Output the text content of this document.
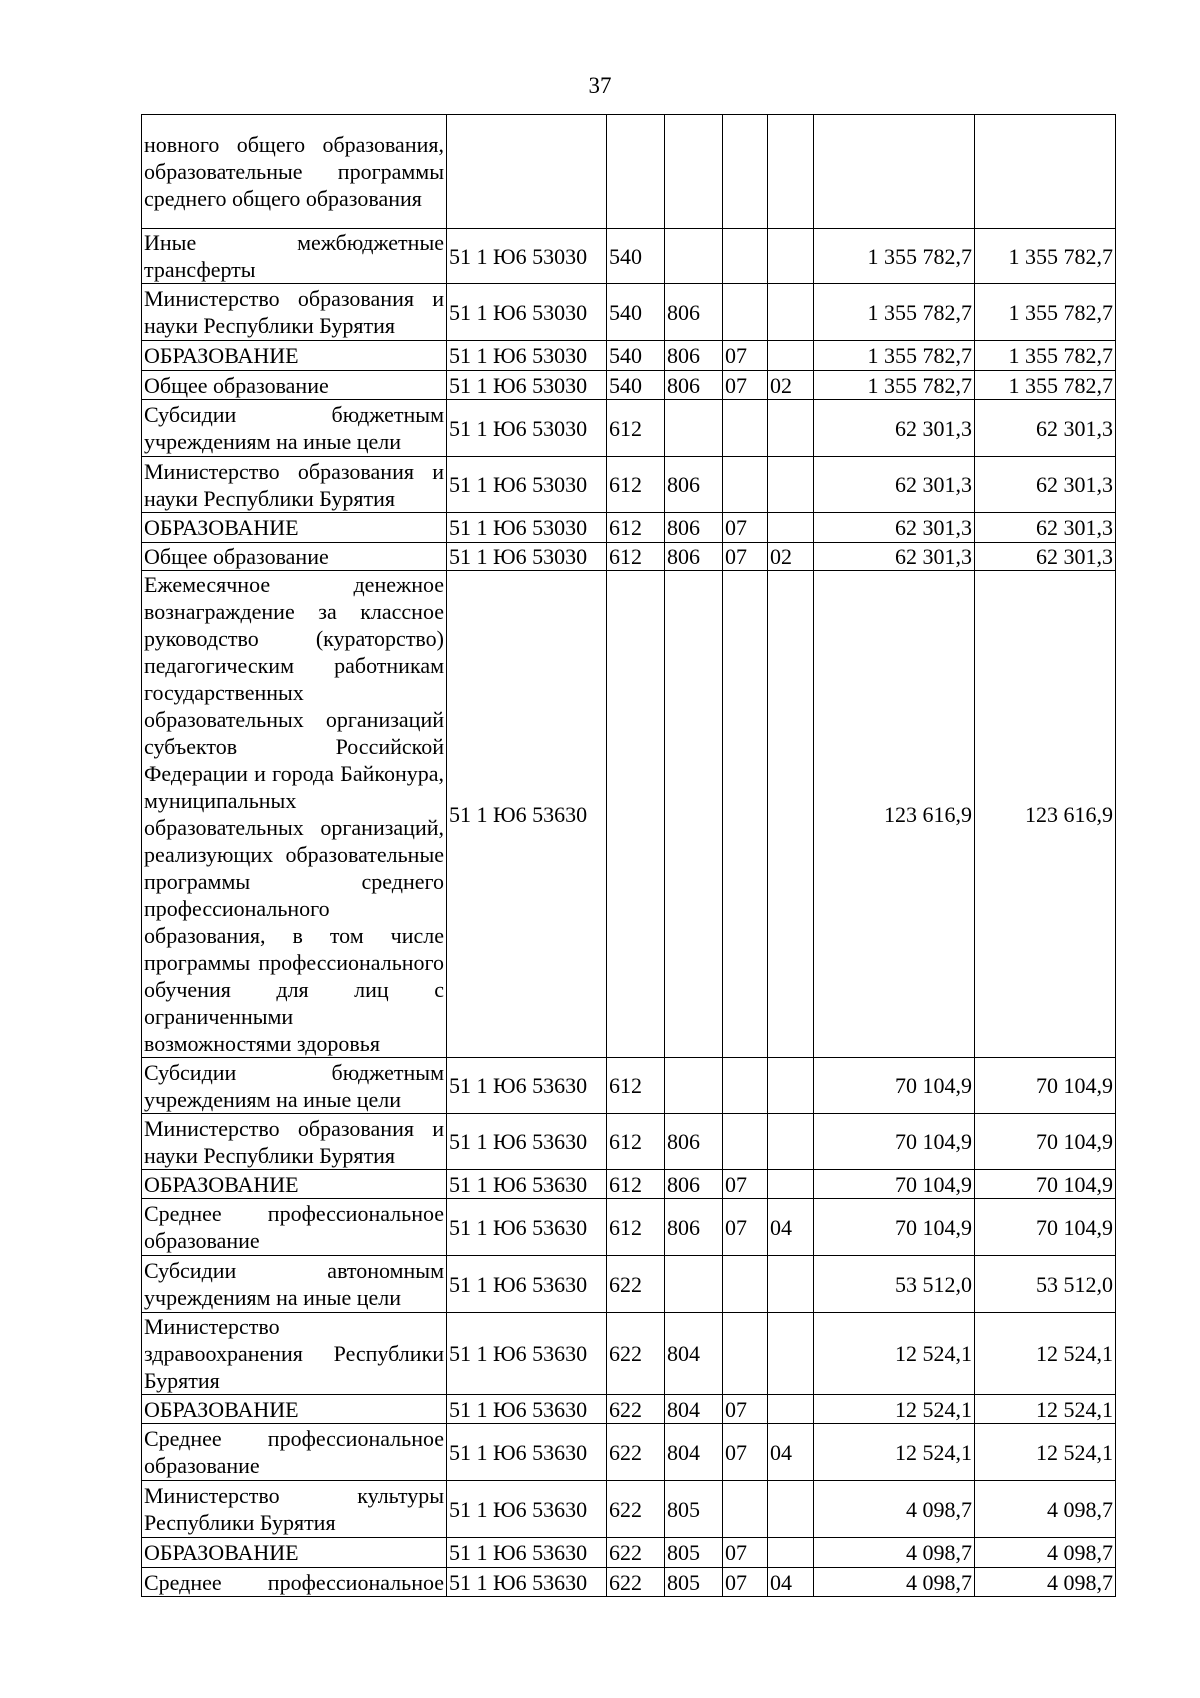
37
новного общего образования, образовательные программы среднего общего образования							
Иные межбюджетные трансферты	51 1 Ю6 53030	540				1 355 782,7	1 355 782,7
Министерство образования и науки Республики Бурятия	51 1 Ю6 53030	540	806			1 355 782,7	1 355 782,7
ОБРАЗОВАНИЕ	51 1 Ю6 53030	540	806	07		1 355 782,7	1 355 782,7
Общее образование	51 1 Ю6 53030	540	806	07	02	1 355 782,7	1 355 782,7
Субсидии бюджетным учреждениям на иные цели	51 1 Ю6 53030	612				62 301,3	62 301,3
Министерство образования и науки Республики Бурятия	51 1 Ю6 53030	612	806			62 301,3	62 301,3
ОБРАЗОВАНИЕ	51 1 Ю6 53030	612	806	07		62 301,3	62 301,3
Общее образование	51 1 Ю6 53030	612	806	07	02	62 301,3	62 301,3
Ежемесячное денежное вознаграждение за классное руководство (кураторство) педагогическим работникам государственных образовательных организаций субъектов Российской Федерации и города Байконура, муниципальных образовательных организаций, реализующих образовательные программы среднего профессионального образования, в том числе программы профессионального обучения для лиц с ограниченными возможностями здоровья	51 1 Ю6 53630					123 616,9	123 616,9
Субсидии бюджетным учреждениям на иные цели	51 1 Ю6 53630	612				70 104,9	70 104,9
Министерство образования и науки Республики Бурятия	51 1 Ю6 53630	612	806			70 104,9	70 104,9
ОБРАЗОВАНИЕ	51 1 Ю6 53630	612	806	07		70 104,9	70 104,9
Среднее профессиональное образование	51 1 Ю6 53630	612	806	07	04	70 104,9	70 104,9
Субсидии автономным учреждениям на иные цели	51 1 Ю6 53630	622				53 512,0	53 512,0
Министерство здравоохранения Республики Бурятия	51 1 Ю6 53630	622	804			12 524,1	12 524,1
ОБРАЗОВАНИЕ	51 1 Ю6 53630	622	804	07		12 524,1	12 524,1
Среднее профессиональное образование	51 1 Ю6 53630	622	804	07	04	12 524,1	12 524,1
Министерство культуры Республики Бурятия	51 1 Ю6 53630	622	805			4 098,7	4 098,7
ОБРАЗОВАНИЕ	51 1 Ю6 53630	622	805	07		4 098,7	4 098,7
Среднее профессиональное	51 1 Ю6 53630	622	805	07	04	4 098,7	4 098,7
